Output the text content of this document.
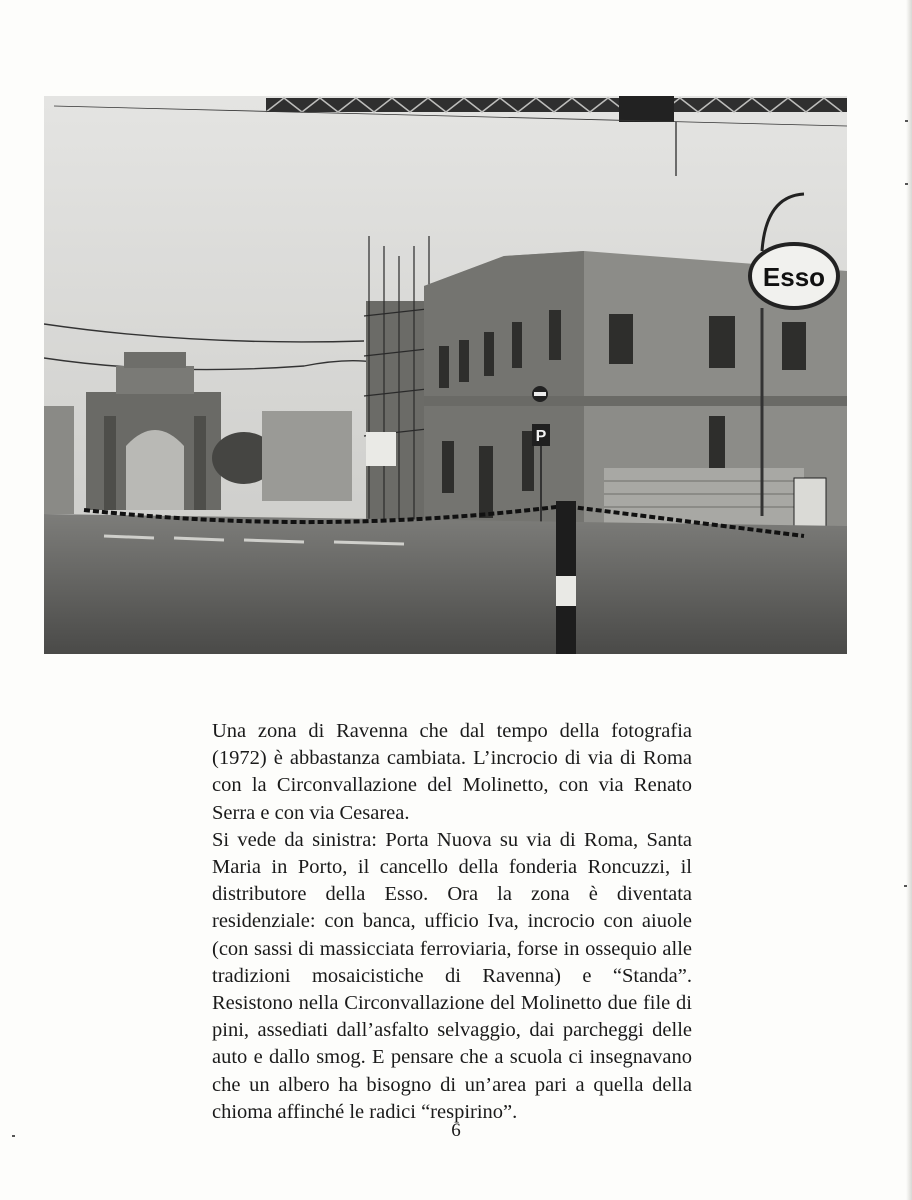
P
Esso

Una zona di Ravenna che dal tempo della fotografia (1972) è abbastanza cambiata. L’incrocio di via di Roma con la Circonvallazione del Molinetto, con via Renato Serra e con via Cesarea.

Si vede da sinistra: Porta Nuova su via di Roma, Santa Maria in Porto, il cancello della fonderia Roncuzzi, il distributore della Esso. Ora la zona è diventata residenziale: con banca, ufficio Iva, incrocio con aiuole (con sassi di massicciata ferroviaria, forse in ossequio alle tradizioni mosaicistiche di Ravenna) e “Standa”. Resistono nella Circonvallazione del Molinetto due file di pini, assediati dall’asfalto selvaggio, dai parcheggi delle auto e dallo smog. E pensare che a scuola ci insegnavano che un albero ha bisogno di un’area pari a quella della chioma affinché le radici “respirino”.

6
